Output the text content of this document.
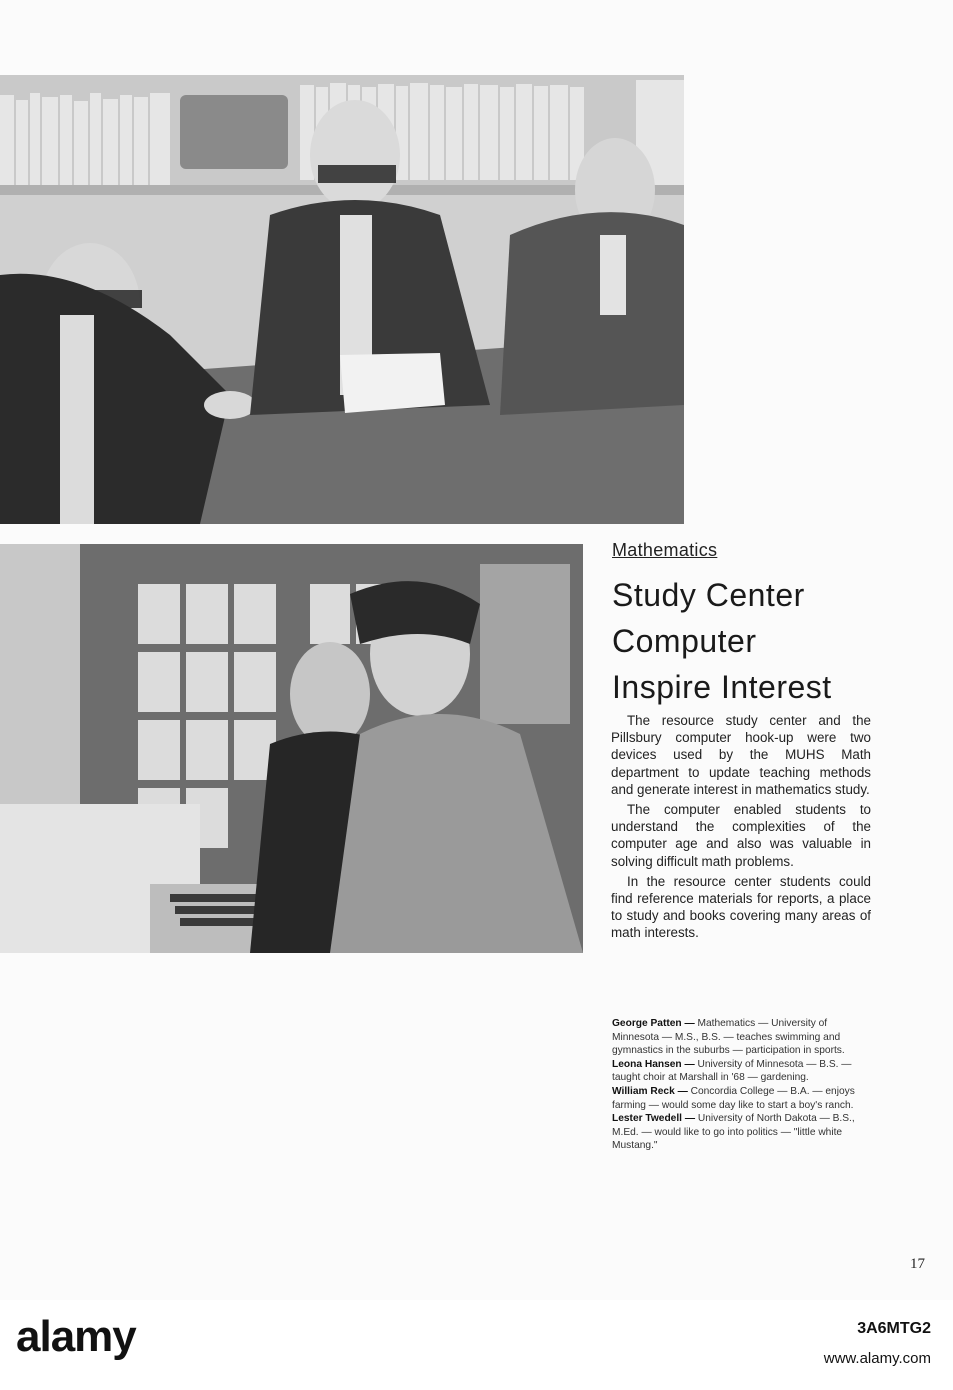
Mathematics
Study Center
Computer
Inspire Interest

The resource study center and the Pillsbury computer hook-up were two devices used by the MUHS Math department to update teaching methods and generate interest in mathematics study.

The computer enabled students to understand the complexities of the computer age and also was valuable in solving difficult math problems.

In the resource center students could find reference materials for reports, a place to study and books covering many areas of math interests.

George Patten — Mathematics — University of Minnesota — M.S., B.S. — teaches swimming and gymnastics in the suburbs — participation in sports.

Leona Hansen — University of Minnesota — B.S. — taught choir at Marshall in '68 — gardening.

William Reck — Concordia College — B.A. — enjoys farming — would some day like to start a boy's ranch.

Lester Twedell — University of North Dakota — B.S., M.Ed. — would like to go into politics — "little white Mustang."

17
alamy	3A6MTG2
www.alamy.com
